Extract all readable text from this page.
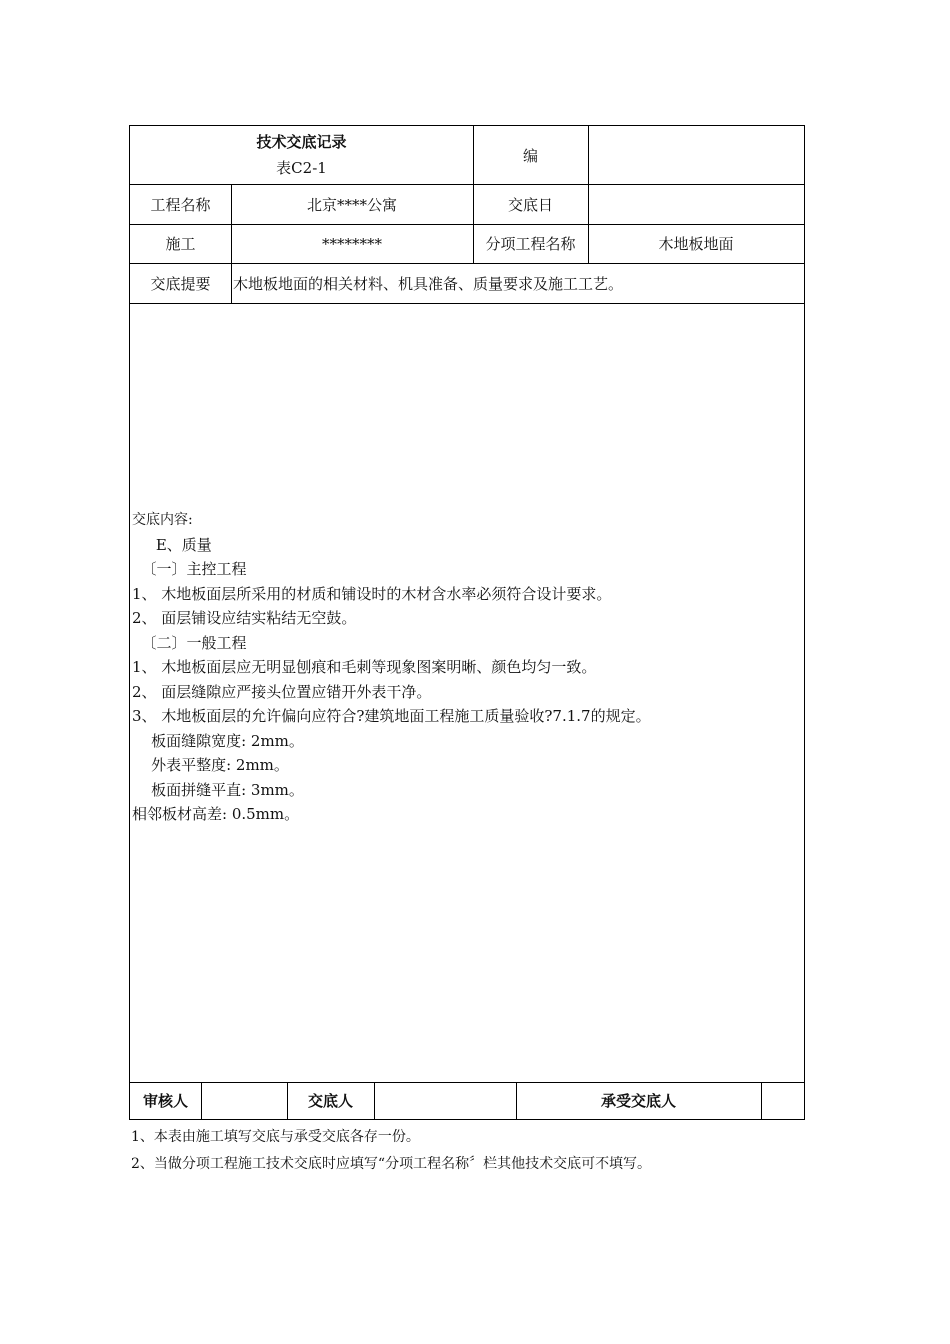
技术交底记录
表C2-1
编
工程名称	北京****公寓	交底日
施工	********	分项工程名称	木地板地面
交底提要	木地板地面的相关材料、机具准备、质量要求及施工工艺。
交底内容:
E、质量
〔一〕主控工程
1、 木地板面层所采用的材质和铺设时的木材含水率必须符合设计要求。
2、 面层铺设应结实粘结无空鼓。
〔二〕一般工程
1、 木地板面层应无明显刨痕和毛刺等现象图案明晰、颜色均匀一致。
2、 面层缝隙应严接头位置应错开外表干净。
3、 木地板面层的允许偏向应符合?建筑地面工程施工质量验收?7.1.7的规定。
板面缝隙宽度: 2mm。
外表平整度: 2mm。
板面拼缝平直: 3mm。
相邻板材高差: 0.5mm。
审核人	交底人	承受交底人
1、本表由施工填写交底与承受交底各存一份。
2、当做分项工程施工技术交底时应填写“分项工程名称〞栏其他技术交底可不填写。
